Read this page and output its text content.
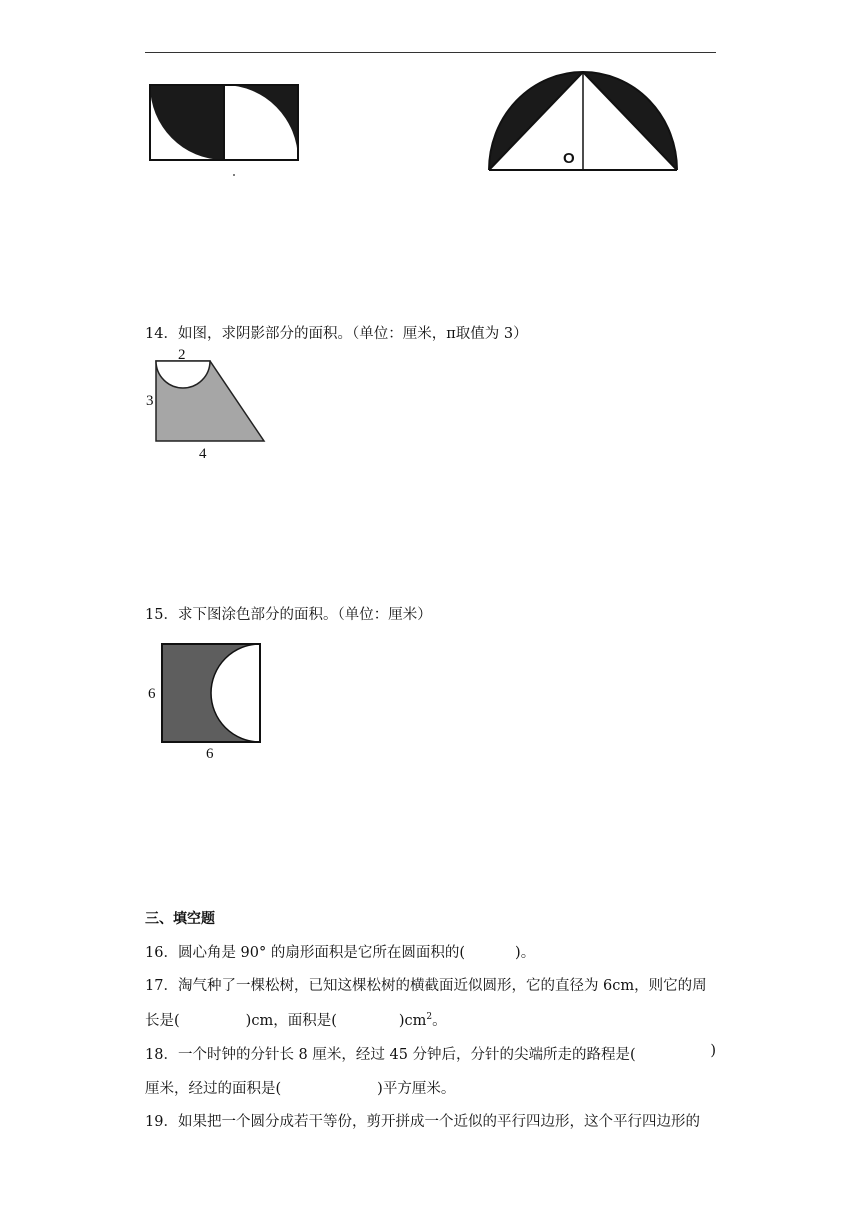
O
14．如图，求阴影部分的面积。（单位：厘米，π取值为 3）
2
3
4
15．求下图涂色部分的面积。（单位：厘米）
6
6
三、填空题
16．圆心角是 90° 的扇形面积是它所在圆面积的(	)。
17．淘气种了一棵松树，已知这棵松树的横截面近似圆形，它的直径为 6cm，则它的周
长是(	)cm，面积是(	)$cm^2$。
18．一个时钟的分针长 8 厘米，经过 45 分钟后，分针的尖端所走的路程是(	)
厘米，经过的面积是(	)平方厘米。
19．如果把一个圆分成若干等份，剪开拼成一个近似的平行四边形，这个平行四边形的
